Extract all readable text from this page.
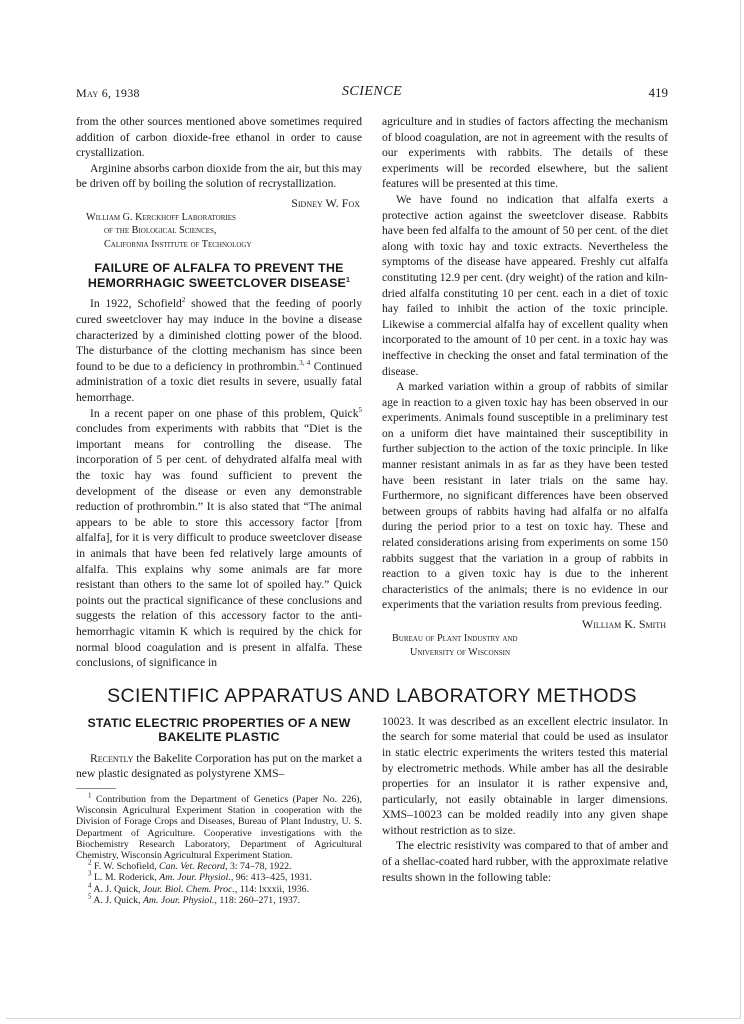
May 6, 1938	SCIENCE	419

from the other sources mentioned above sometimes required addition of carbon dioxide-free ethanol in order to cause crystallization.

Arginine absorbs carbon dioxide from the air, but this may be driven off by boiling the solution of recrystallization.

Sidney W. Fox
William G. Kerckhoff Laboratories
of the Biological Sciences,
California Institute of Technology
FAILURE OF ALFALFA TO PREVENT THE HEMORRHAGIC SWEETCLOVER DISEASE$^1$

In 1922, Schofield$^2$ showed that the feeding of poorly cured sweetclover hay may induce in the bovine a disease characterized by a diminished clotting power of the blood. The disturbance of the clotting mechanism has since been found to be due to a deficiency in prothrombin.$^{3, 4}$ Continued administration of a toxic diet results in severe, usually fatal hemorrhage.

In a recent paper on one phase of this problem, Quick$^5$ concludes from experiments with rabbits that “Diet is the important means for controlling the disease. The incorporation of 5 per cent. of dehydrated alfalfa meal with the toxic hay was found sufficient to prevent the development of the disease or even any demonstrable reduction of prothrombin.” It is also stated that “The animal appears to be able to store this accessory factor [from alfalfa], for it is very difficult to produce sweetclover disease in animals that have been fed relatively large amounts of alfalfa. This explains why some animals are far more resistant than others to the same lot of spoiled hay.” Quick points out the practical significance of these conclusions and suggests the relation of this accessory factor to the anti-hemorrhagic vitamin K which is required by the chick for normal blood coagulation and is present in alfalfa. These conclusions, of significance in

agriculture and in studies of factors affecting the mechanism of blood coagulation, are not in agreement with the results of our experiments with rabbits. The details of these experiments will be recorded elsewhere, but the salient features will be presented at this time.

We have found no indication that alfalfa exerts a protective action against the sweetclover disease. Rabbits have been fed alfalfa to the amount of 50 per cent. of the diet along with toxic hay and toxic extracts. Nevertheless the symptoms of the disease have appeared. Freshly cut alfalfa constituting 12.9 per cent. (dry weight) of the ration and kiln-dried alfalfa constituting 10 per cent. each in a diet of toxic hay failed to inhibit the action of the toxic principle. Likewise a commercial alfalfa hay of excellent quality when incorporated to the amount of 10 per cent. in a toxic hay was ineffective in checking the onset and fatal termination of the disease.

A marked variation within a group of rabbits of similar age in reaction to a given toxic hay has been observed in our experiments. Animals found susceptible in a preliminary test on a uniform diet have maintained their susceptibility in further subjection to the action of the toxic principle. In like manner resistant animals in as far as they have been tested have been resistant in later trials on the same hay. Furthermore, no significant differences have been observed between groups of rabbits having had alfalfa or no alfalfa during the period prior to a test on toxic hay. These and related considerations arising from experiments on some 150 rabbits suggest that the variation in a group of rabbits in reaction to a given toxic hay is due to the inherent characteristics of the animals; there is no evidence in our experiments that the variation results from previous feeding.

William K. Smith
Bureau of Plant Industry and
University of Wisconsin
SCIENTIFIC APPARATUS AND LABORATORY METHODS
STATIC ELECTRIC PROPERTIES OF A NEW BAKELITE PLASTIC

Recently the Bakelite Corporation has put on the market a new plastic designated as polystyrene XMS–

$^1$ Contribution from the Department of Genetics (Paper No. 226), Wisconsin Agricultural Experiment Station in cooperation with the Division of Forage Crops and Diseases, Bureau of Plant Industry, U. S. Department of Agriculture. Cooperative investigations with the Biochemistry Research Laboratory, Department of Agricultural Chemistry, Wisconsin Agricultural Experiment Station.

$^2$ F. W. Schofield, Can. Vet. Record, 3: 74–78, 1922.

$^3$ L. M. Roderick, Am. Jour. Physiol., 96: 413–425, 1931.

$^4$ A. J. Quick, Jour. Biol. Chem. Proc., 114: lxxxii, 1936.

$^5$ A. J. Quick, Am. Jour. Physiol., 118: 260–271, 1937.

10023. It was described as an excellent electric insulator. In the search for some material that could be used as insulator in static electric experiments the writers tested this material by electrometric methods. While amber has all the desirable properties for an insulator it is rather expensive and, particularly, not easily obtainable in larger dimensions. XMS–10023 can be molded readily into any given shape without restriction as to size.

The electric resistivity was compared to that of amber and of a shellac-coated hard rubber, with the approximate relative results shown in the following table:
